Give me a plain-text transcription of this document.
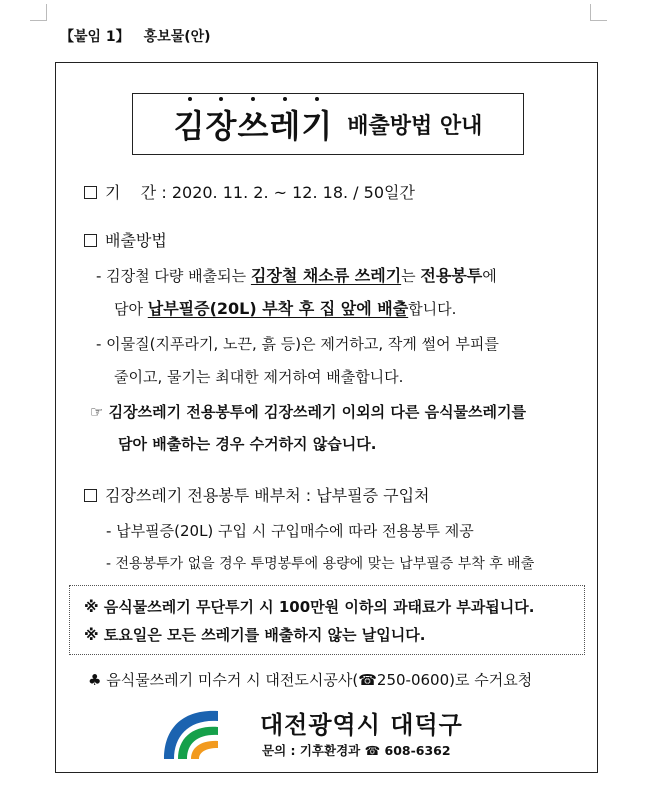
【붙임 1】 홍보물(안)
김장쓰레기 배출방법 안내
기    간 : 2020. 11. 2. ~ 12. 18. / 50일간
배출방법
- 김장철 다량 배출되는 김장철 채소류 쓰레기는 전용봉투에
담아 납부필증(20L) 부착 후 집 앞에 배출합니다.
- 이물질(지푸라기, 노끈, 흙 등)은 제거하고, 작게 썰어 부피를
줄이고, 물기는 최대한 제거하여 배출합니다.
☞ 김장쓰레기 전용봉투에 김장쓰레기 이외의 다른 음식물쓰레기를
담아 배출하는 경우 수거하지 않습니다.
김장쓰레기 전용봉투 배부처 : 납부필증 구입처
- 납부필증(20L) 구입 시 구입매수에 따라 전용봉투 제공
- 전용봉투가 없을 경우 투명봉투에 용량에 맞는 납부필증 부착 후 배출
※ 음식물쓰레기 무단투기 시 100만원 이하의 과태료가 부과됩니다.
※ 토요일은 모든 쓰레기를 배출하지 않는 날입니다.
♣ 음식물쓰레기 미수거 시 대전도시공사(☎250-0600)로 수거요청
대전광역시 대덕구
문의 : 기후환경과 ☎ 608-6362
